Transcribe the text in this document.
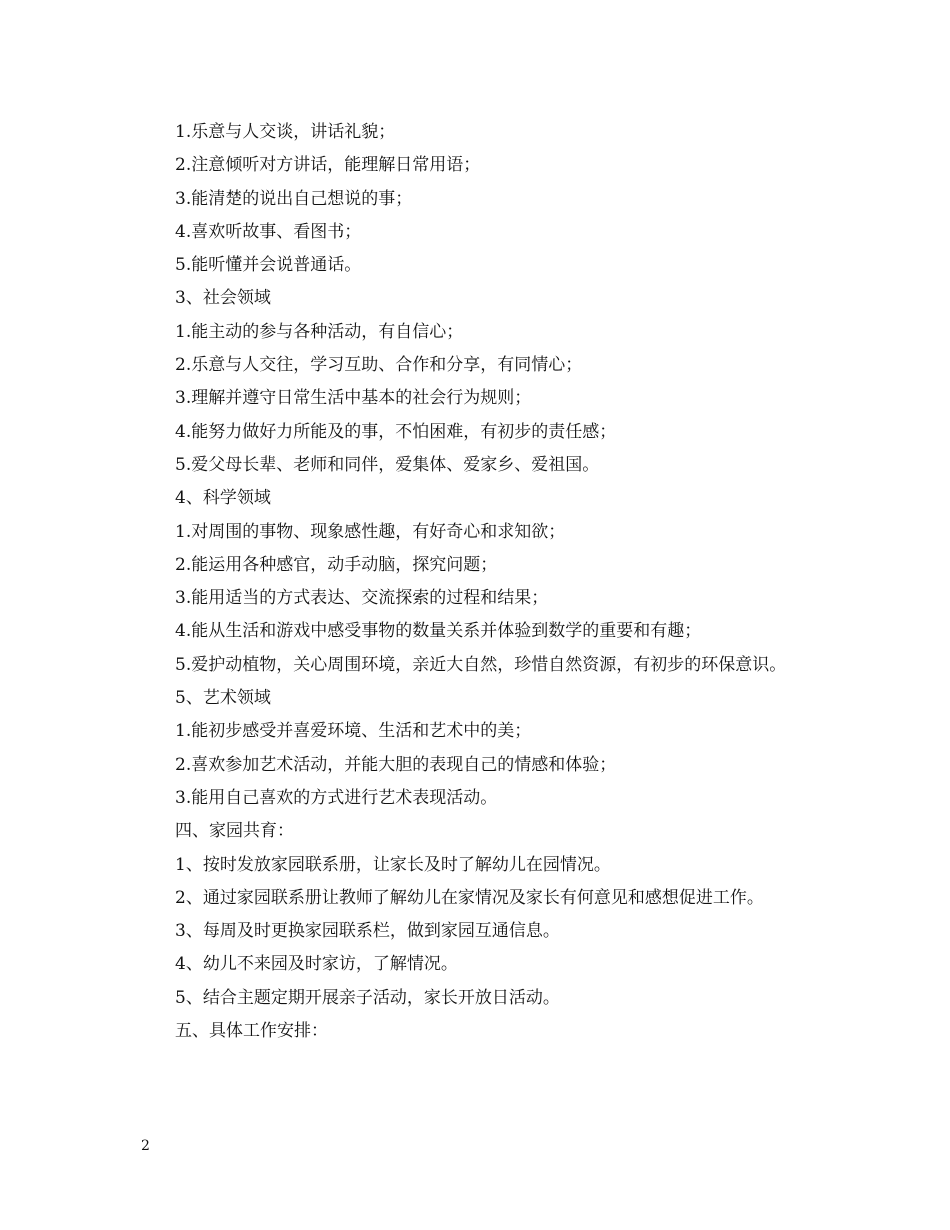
1.乐意与人交谈，讲话礼貌；

2.注意倾听对方讲话，能理解日常用语；

3.能清楚的说出自己想说的事；

4.喜欢听故事、看图书；

5.能听懂并会说普通话。

3、社会领域

1.能主动的参与各种活动，有自信心；

2.乐意与人交往，学习互助、合作和分享，有同情心；

3.理解并遵守日常生活中基本的社会行为规则；

4.能努力做好力所能及的事，不怕困难，有初步的责任感；

5.爱父母长辈、老师和同伴，爱集体、爱家乡、爱祖国。

4、科学领域

1.对周围的事物、现象感性趣，有好奇心和求知欲；

2.能运用各种感官，动手动脑，探究问题；

3.能用适当的方式表达、交流探索的过程和结果；

4.能从生活和游戏中感受事物的数量关系并体验到数学的重要和有趣；

5.爱护动植物，关心周围环境，亲近大自然，珍惜自然资源，有初步的环保意识。

5、艺术领域

1.能初步感受并喜爱环境、生活和艺术中的美；

2.喜欢参加艺术活动，并能大胆的表现自己的情感和体验；

3.能用自己喜欢的方式进行艺术表现活动。

四、家园共育：

1、按时发放家园联系册，让家长及时了解幼儿在园情况。

2、通过家园联系册让教师了解幼儿在家情况及家长有何意见和感想促进工作。

3、每周及时更换家园联系栏，做到家园互通信息。

4、幼儿不来园及时家访，了解情况。

5、结合主题定期开展亲子活动，家长开放日活动。

五、具体工作安排：

2
